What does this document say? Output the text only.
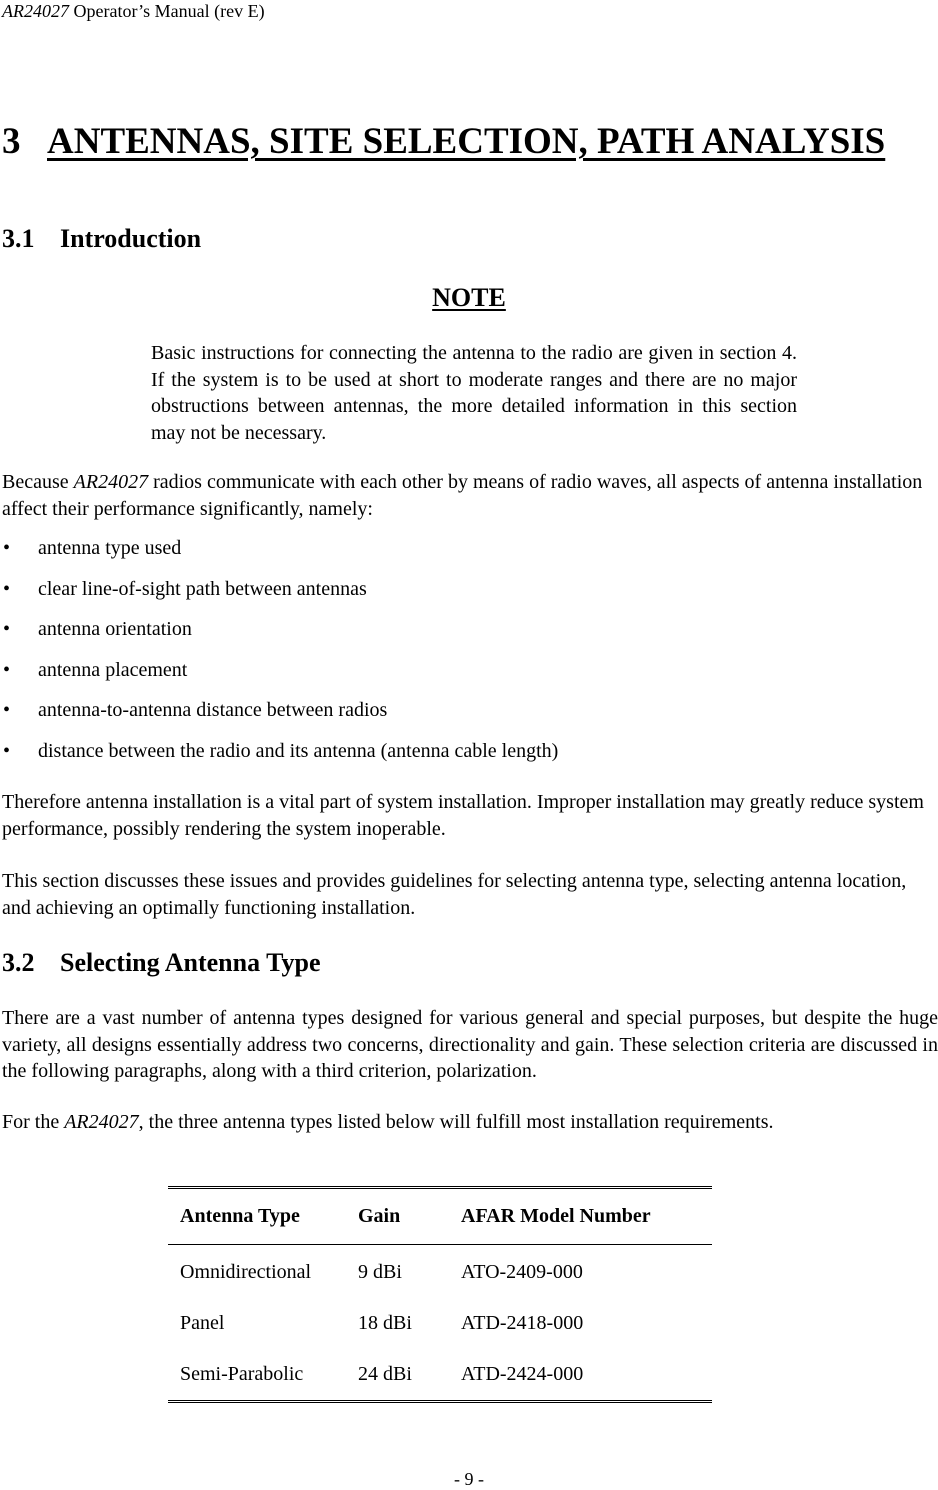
AR24027 Operator’s Manual (rev E)
3 ANTENNAS, SITE SELECTION, PATH ANALYSIS
3.1 Introduction
NOTE
Basic instructions for connecting the antenna to the radio are given in section 4. If the system is to be used at short to moderate ranges and there are no major obstructions between antennas, the more detailed information in this section may not be necessary.
Because AR24027 radios communicate with each other by means of radio waves, all aspects of antenna installation affect their performance significantly, namely:
• antenna type used
• clear line-of-sight path between antennas
• antenna orientation
• antenna placement
• antenna-to-antenna distance between radios
• distance between the radio and its antenna (antenna cable length)
Therefore antenna installation is a vital part of system installation. Improper installation may greatly reduce system performance, possibly rendering the system inoperable.
This section discusses these issues and provides guidelines for selecting antenna type, selecting antenna location, and achieving an optimally functioning installation.
3.2 Selecting Antenna Type
There are a vast number of antenna types designed for various general and special purposes, but despite the huge variety, all designs essentially address two concerns, directionality and gain. These selection criteria are discussed in the following paragraphs, along with a third criterion, polarization.
For the AR24027, the three antenna types listed below will fulfill most installation requirements.
Antenna Type	Gain	AFAR Model Number
Omnidirectional	9 dBi	ATO-2409-000
Panel	18 dBi	ATD-2418-000
Semi-Parabolic	24 dBi	ATD-2424-000
- 9 -
